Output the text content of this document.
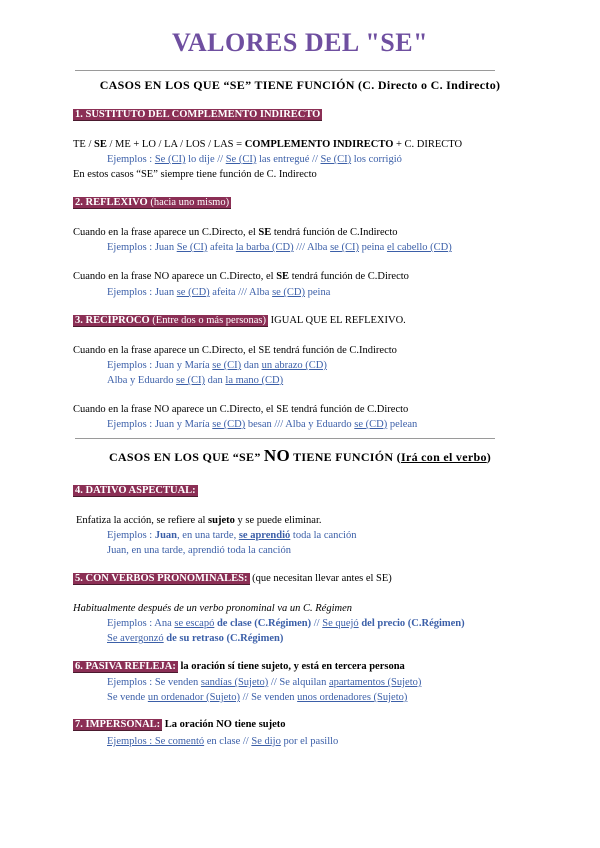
VALORES DEL "SE"
CASOS EN LOS QUE “SE” TIENE FUNCIÓN (C. Directo o C. Indirecto)
1. SUSTITUTO DEL COMPLEMENTO INDIRECTO
TE / SE / ME + LO / LA / LOS / LAS = COMPLEMENTO INDIRECTO + C. DIRECTO
Ejemplos : Se (CI) lo dije // Se (CI) las entregué // Se (CI) los corrigió
En estos casos “SE” siempre tiene función de C. Indirecto
2. REFLEXIVO (hacia uno mismo)
Cuando en la frase aparece un C.Directo, el SE tendrá función de C.Indirecto
Ejemplos : Juan Se (CI) afeita la barba (CD) /// Alba se (CI) peina el cabello (CD)
Cuando en la frase NO aparece un C.Directo, el SE tendrá función de C.Directo
Ejemplos : Juan se (CD) afeita /// Alba se (CD) peina
3. RECÍPROCO (Entre dos o más personas) IGUAL QUE EL REFLEXIVO.
Cuando en la frase aparece un C.Directo, el SE tendrá función de C.Indirecto
Ejemplos : Juan y María se (CI) dan un abrazo (CD)
Alba y Eduardo se (CI) dan la mano (CD)
Cuando en la frase NO aparece un C.Directo, el SE tendrá función de C.Directo
Ejemplos : Juan y María se (CD) besan /// Alba y Eduardo se (CD) pelean
CASOS EN LOS QUE “SE” NO TIENE FUNCIÓN (Irá con el verbo)
4. DATIVO ASPECTUAL:
Enfatiza la acción, se refiere al sujeto y se puede eliminar.
Ejemplos : Juan, en una tarde, se aprendió toda la canción
Juan, en una tarde, aprendió toda la canción
5. CON VERBOS PRONOMINALES: (que necesitan llevar antes el SE)
Habitualmente después de un verbo pronominal va un C. Régimen
Ejemplos : Ana se escapó de clase (C.Régimen) // Se quejó del precio (C.Régimen)
Se avergonzó de su retraso (C.Régimen)
6. PASIVA REFLEJA: la oración sí tiene sujeto, y está en tercera persona
Ejemplos : Se venden sandías (Sujeto) // Se alquilan apartamentos (Sujeto)
Se vende un ordenador (Sujeto) // Se venden unos ordenadores (Sujeto)
7. IMPERSONAL: La oración NO tiene sujeto
Ejemplos : Se comentó en clase // Se dijo por el pasillo
